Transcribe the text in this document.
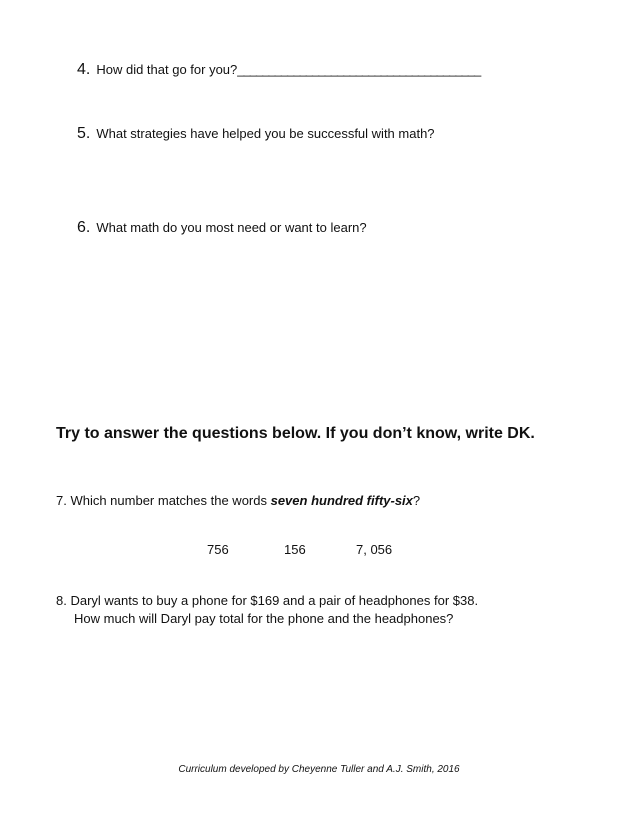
4. How did that go for you?_______________________________________
5. What strategies have helped you be successful with math?
6. What math do you most need or want to learn?
Try to answer the questions below. If you don’t know, write DK.
7. Which number matches the words seven hundred fifty-six?
756	156	7, 056
8. Daryl wants to buy a phone for $169 and a pair of headphones for $38.
How much will Daryl pay total for the phone and the headphones?
Curriculum developed by Cheyenne Tuller and A.J. Smith, 2016
